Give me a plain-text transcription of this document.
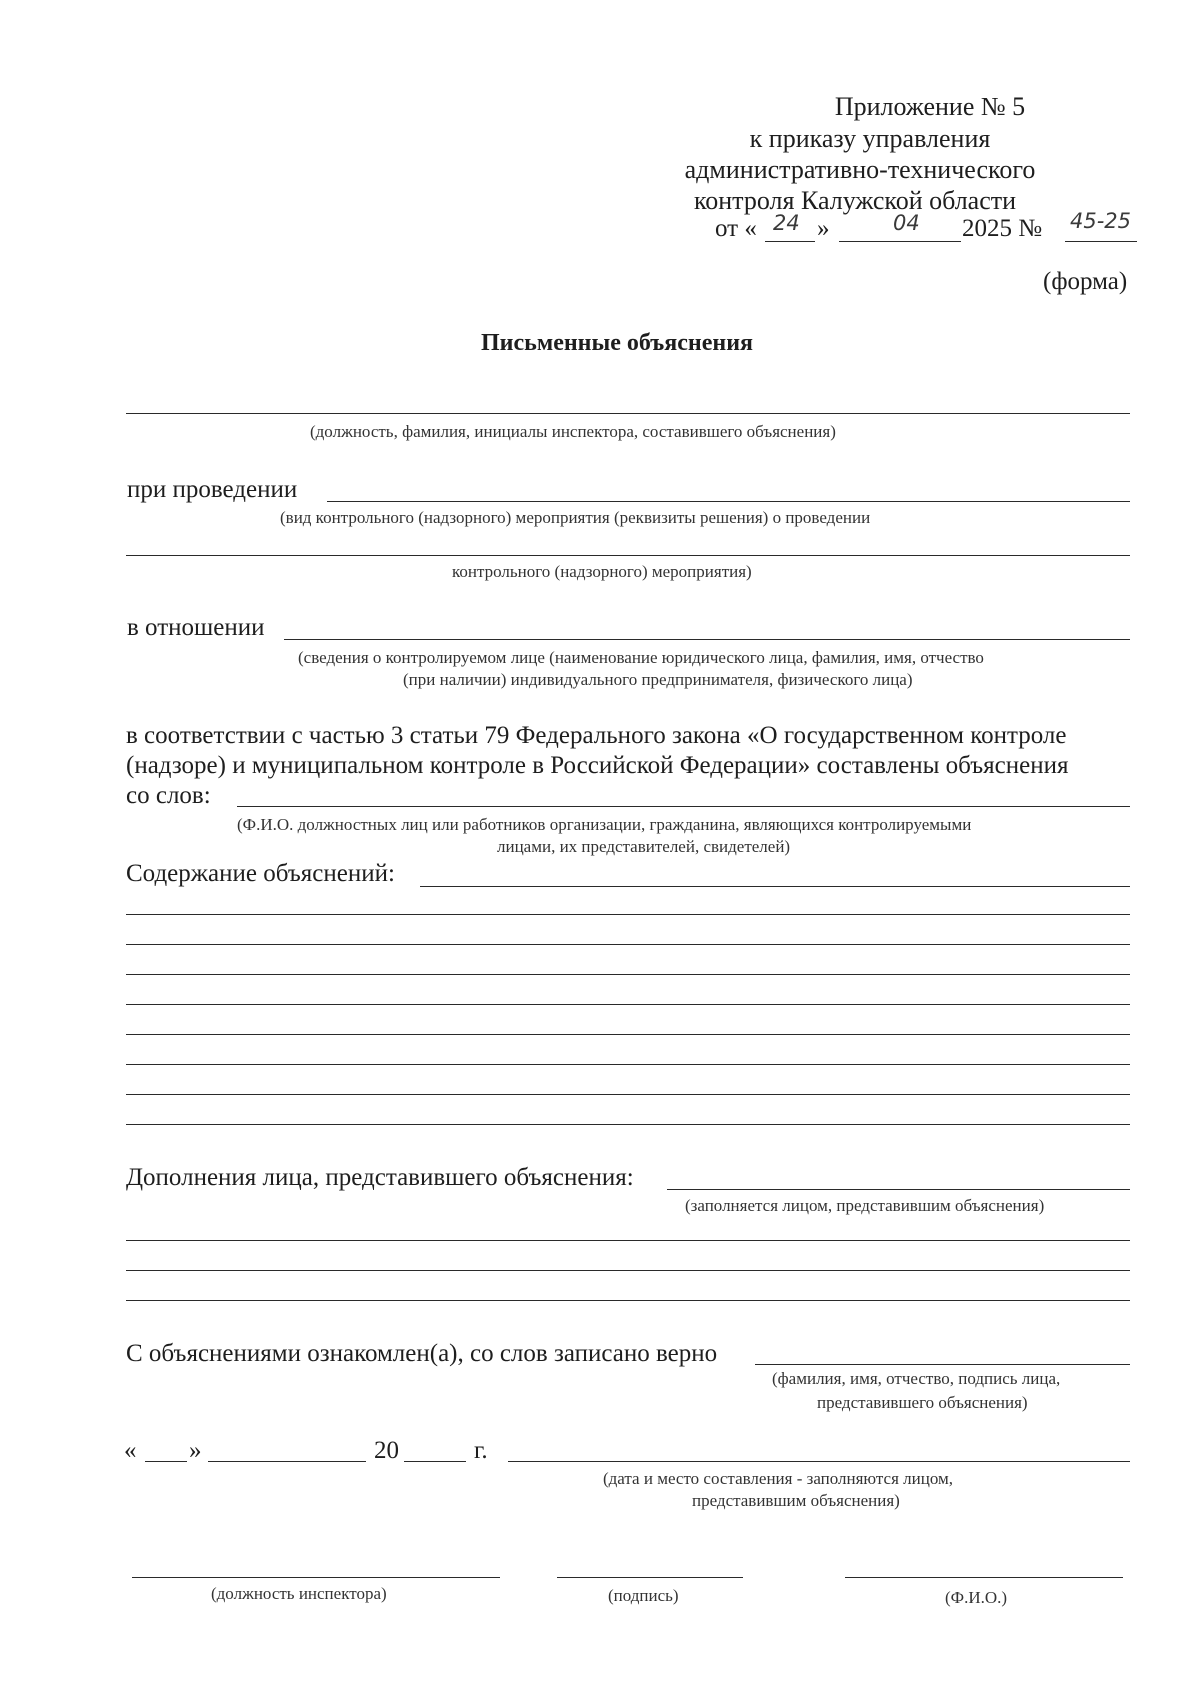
Приложение № 5
к приказу управления
административно-технического
контроля Калужской области
от « 24 »	04 2025 № 45-25
(форма)
Письменные объяснения
(должность, фамилия, инициалы инспектора, составившего объяснения)
при проведении
(вид контрольного (надзорного) мероприятия (реквизиты решения) о проведении
контрольного (надзорного) мероприятия)
в отношении
(сведения о контролируемом лице (наименование юридического лица, фамилия, имя, отчество
(при наличии) индивидуального предпринимателя, физического лица)
в соответствии с частью 3 статьи 79 Федерального закона «О государственном контроле
(надзоре) и муниципальном контроле в Российской Федерации» составлены объяснения
со слов:
(Ф.И.О. должностных лиц или работников организации, гражданина, являющихся контролируемыми
лицами, их представителей, свидетелей)
Содержание объяснений:
Дополнения лица, представившего объяснения:
(заполняется лицом, представившим объяснения)
С объяснениями ознакомлен(а), со слов записано верно
(фамилия, имя, отчество, подпись лица,
представившего объяснения)
« »	20	г.
(дата и место составления - заполняются лицом,
представившим объяснения)
(должность инспектора)	(подпись)	(Ф.И.О.)
